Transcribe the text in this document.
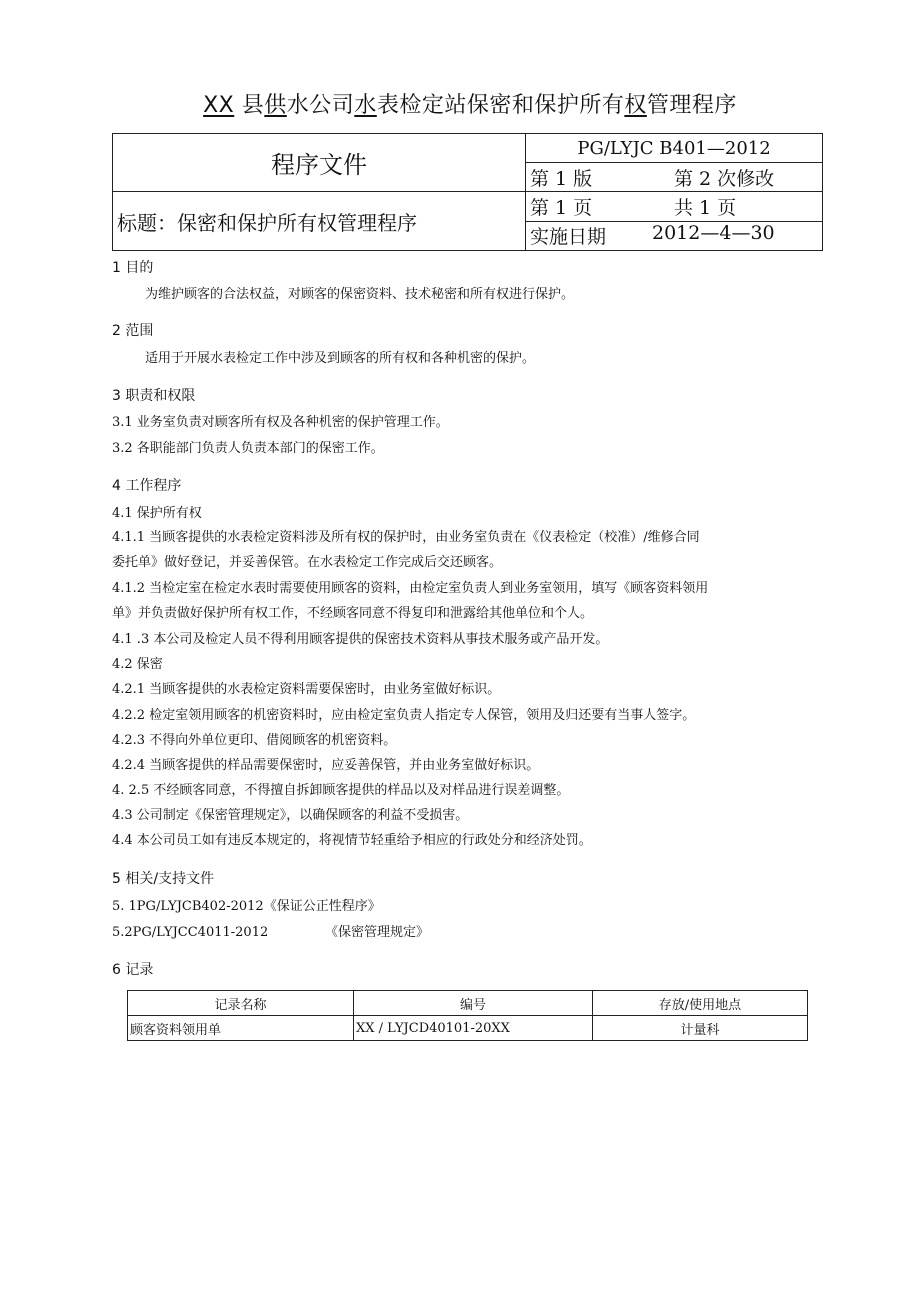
XX 县供水公司水表检定站保密和保护所有权管理程序
程序文件	PG/LYJC B401—2012
	第 1 版 第 2 次修改

标题：保密和保护所有权管理程序	第 1 页 共 1 页

	实施日期 2012—4—30
1 目的
为维护顾客的合法权益，对顾客的保密资料、技术秘密和所有权进行保护。
2 范围
适用于开展水表检定工作中涉及到顾客的所有权和各种机密的保护。
3 职责和权限
3.1 业务室负责对顾客所有权及各种机密的保护管理工作。
3.2 各职能部门负责人负责本部门的保密工作。
4 工作程序
4.1 保护所有权
4.1.1 当顾客提供的水表检定资料涉及所有权的保护时，由业务室负责在《仪表检定（校准）/维修合同
委托单》做好登记，并妥善保管。在水表检定工作完成后交还顾客。
4.1.2 当检定室在检定水表时需要使用顾客的资料，由检定室负责人到业务室领用，填写《顾客资料领用
单》并负责做好保护所有权工作，不经顾客同意不得复印和泄露给其他单位和个人。
4.1 .3 本公司及检定人员不得利用顾客提供的保密技术资料从事技术服务或产品开发。
4.2 保密
4.2.1 当顾客提供的水表检定资料需要保密时，由业务室做好标识。
4.2.2 检定室领用顾客的机密资料时，应由检定室负责人指定专人保管，领用及归还要有当事人签字。
4.2.3 不得向外单位更印、借阅顾客的机密资料。
4.2.4 当顾客提供的样品需要保密时，应妥善保管，并由业务室做好标识。
4. 2.5 不经顾客同意，不得擅自拆卸顾客提供的样品以及对样品进行误差调整。
4.3 公司制定《保密管理规定》，以确保顾客的利益不受损害。
4.4 本公司员工如有违反本规定的，将视情节轻重给予相应的行政处分和经济处罚。
5 相关/支持文件
5. 1PG/LYJCB402-2012《保证公正性程序》
5.2PG/LYJCC4011-2012	《保密管理规定》
6 记录
记录名称	编号	存放/使用地点
顾客资料领用单	XX / LYJCD40101-20XX	计量科
